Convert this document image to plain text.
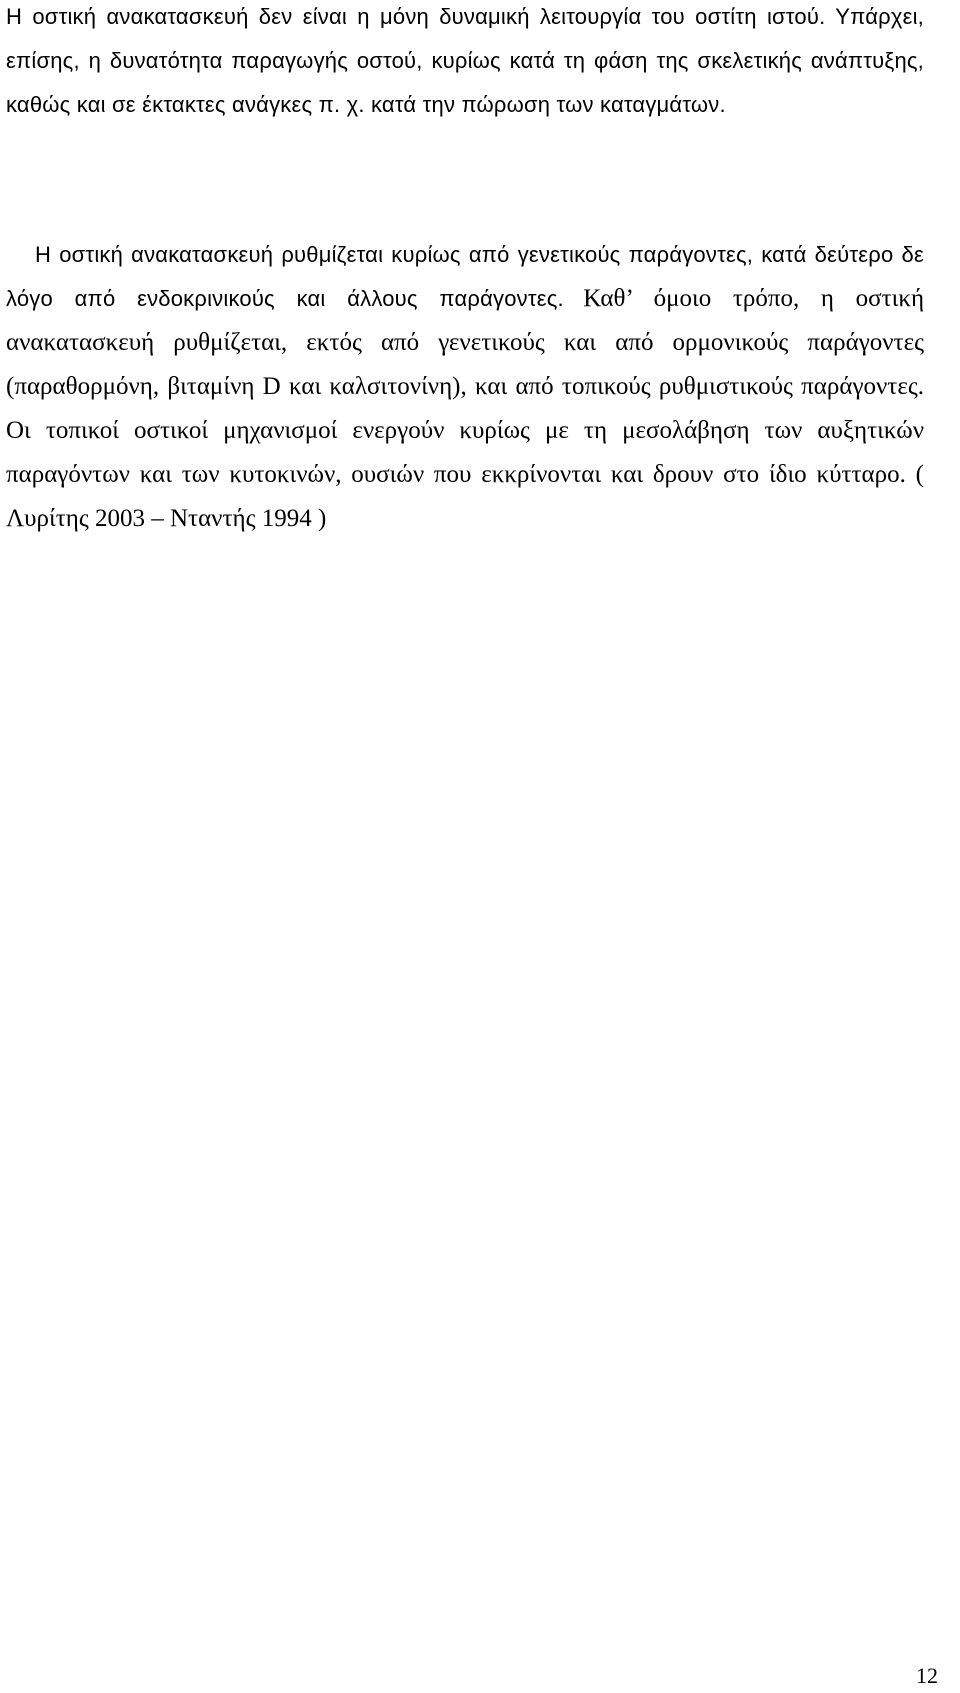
Η οστική ανακατασκευή δεν είναι η μόνη δυναμική λειτουργία του οστίτη ιστού. Υπάρχει, επίσης, η δυνατότητα παραγωγής οστού, κυρίως κατά τη φάση της σκελετικής ανάπτυξης, καθώς και σε έκτακτες ανάγκες π. χ. κατά την πώρωση των καταγμάτων.

Η οστική ανακατασκευή ρυθμίζεται κυρίως από γενετικούς παράγοντες, κατά δεύτερο δε λόγο από ενδοκρινικούς και άλλους παράγοντες. Καθ’ όμοιο τρόπο, η οστική ανακατασκευή ρυθμίζεται, εκτός από γενετικούς και από ορμονικούς παράγοντες (παραθορμόνη, βιταμίνη D και καλσιτονίνη), και από τοπικούς ρυθμιστικούς παράγοντες. Οι τοπικοί οστικοί μηχανισμοί ενεργούν κυρίως με τη μεσολάβηση των αυξητικών παραγόντων και των κυτοκινών, ουσιών που εκκρίνονται και δρουν στο ίδιο κύτταρο. ( Λυρίτης 2003 – Νταντής 1994 )

12
